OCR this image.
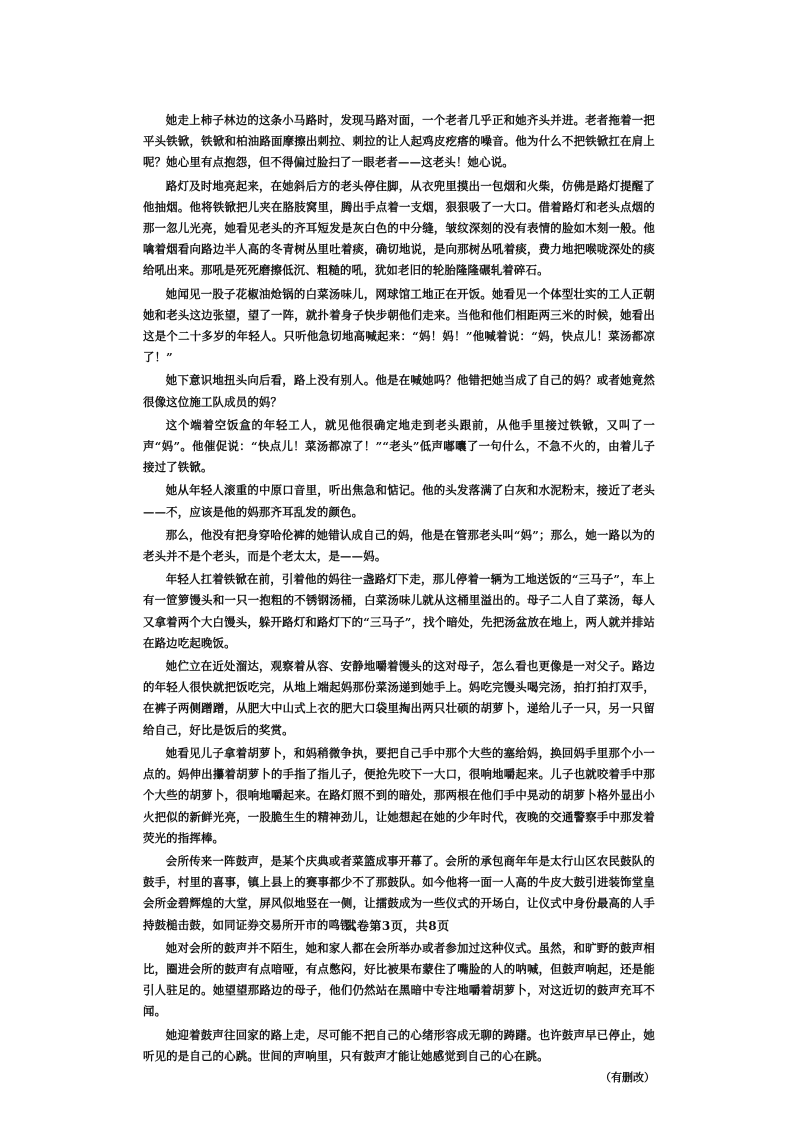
她走上柿子林边的这条小马路时，发现马路对面，一个老者几乎正和她齐头并进。老者拖着一把平头铁锨，铁锨和柏油路面摩擦出刺拉、刺拉的让人起鸡皮疙瘩的噪音。他为什么不把铁锨扛在肩上呢？她心里有点抱怨，但不得偏过脸扫了一眼老者——这老头！她心说。

路灯及时地亮起来，在她斜后方的老头停住脚，从衣兜里摸出一包烟和火柴，仿佛是路灯提醒了他抽烟。他将铁锨把儿夹在胳肢窝里，腾出手点着一支烟，狠狠吸了一大口。借着路灯和老头点烟的那一忽儿光亮，她看见老头的齐耳短发是灰白色的中分缝，皱纹深刻的没有表情的脸如木刻一般。他噙着烟看向路边半人高的冬青树丛里吐着痰，确切地说，是向那树丛吼着痰，费力地把喉咙深处的痰给吼出来。那吼是死死磨擦低沉、粗糙的吼，犹如老旧的轮胎隆隆碾轧着碎石。

她闻见一股子花椒油炝锅的白菜汤味儿，网球馆工地正在开饭。她看见一个体型壮实的工人正朝她和老头这边张望，望了一阵，就扑着身子快步朝他们走来。当他和他们相距两三米的时候，她看出这是个二十多岁的年轻人。只听他急切地高喊起来：“妈！妈！”他喊着说：“妈，快点儿！菜汤都凉了！”

她下意识地扭头向后看，路上没有别人。他是在喊她吗？他错把她当成了自己的妈？或者她竟然很像这位施工队成员的妈？

这个端着空饭盒的年轻工人，就见他很确定地走到老头跟前，从他手里接过铁锨，又叫了一声“妈”。他催促说：“快点儿！菜汤都凉了！”“老头”低声嘟囔了一句什么，不急不火的，由着儿子接过了铁锨。

她从年轻人滚重的中原口音里，听出焦急和惦记。他的头发落满了白灰和水泥粉末，接近了老头——不，应该是他的妈那齐耳乱发的颜色。

那么，他没有把身穿哈伦裤的她错认成自己的妈，他是在管那老头叫“妈”；那么，她一路以为的老头并不是个老头，而是个老太太，是——妈。

年轻人扛着铁锨在前，引着他的妈往一盏路灯下走，那儿停着一辆为工地送饭的“三马子”，车上有一笸箩馒头和一只一抱粗的不锈钢汤桶，白菜汤味儿就从这桶里溢出的。母子二人自了菜汤，每人又拿着两个大白馒头，躲开路灯和路灯下的“三马子”，找个暗处，先把汤盆放在地上，两人就并排站在路边吃起晚饭。

她伫立在近处溜达，观察着从容、安静地嚼着馒头的这对母子，怎么看也更像是一对父子。路边的年轻人很快就把饭吃完，从地上端起妈那份菜汤递到她手上。妈吃完馒头喝完汤，拍打拍打双手，在裤子两侧蹭蹭，从肥大中山式上衣的肥大口袋里掏出两只壮硕的胡萝卜，递给儿子一只，另一只留给自己，好比是饭后的奖赏。

她看见儿子拿着胡萝卜，和妈稍微争执，要把自己手中那个大些的塞给妈，换回妈手里那个小一点的。妈伸出攥着胡萝卜的手指了指儿子，便抢先咬下一大口，很响地嚼起来。儿子也就咬着手中那个大些的胡萝卜，很响地嚼起来。在路灯照不到的暗处，那两根在他们手中晃动的胡萝卜格外显出小火把似的新鲜光亮，一股脆生生的精神劲儿，让她想起在她的少年时代，夜晚的交通警察手中那发着荧光的指挥棒。

会所传来一阵鼓声，是某个庆典或者菜篮成事开幕了。会所的承包商年年是太行山区农民鼓队的鼓手，村里的喜事，镇上县上的赛事都少不了那鼓队。如今他将一面一人高的牛皮大鼓引进装饰堂皇会所金碧辉煌的大堂，屏风似地竖在一侧，让擂鼓成为一些仪式的开场白，让仪式中身份最高的人手持鼓槌击鼓，如同证券交易所开市的鸣锣。

她对会所的鼓声并不陌生，她和家人都在会所举办或者参加过这种仪式。虽然，和旷野的鼓声相比，圈进会所的鼓声有点喑哑，有点憋闷，好比被果布蒙住了嘴脸的人的呐喊，但鼓声响起，还是能引人驻足的。她望望那路边的母子，他们仍然站在黑暗中专注地嚼着胡萝卜，对这近切的鼓声充耳不闻。

她迎着鼓声往回家的路上走，尽可能不把自己的心绪形容成无聊的踌躇。也许鼓声早已停止，她听见的是自己的心跳。世间的声响里，只有鼓声才能让她感觉到自己的心在跳。

（有删改）
试卷第3页，共8页
